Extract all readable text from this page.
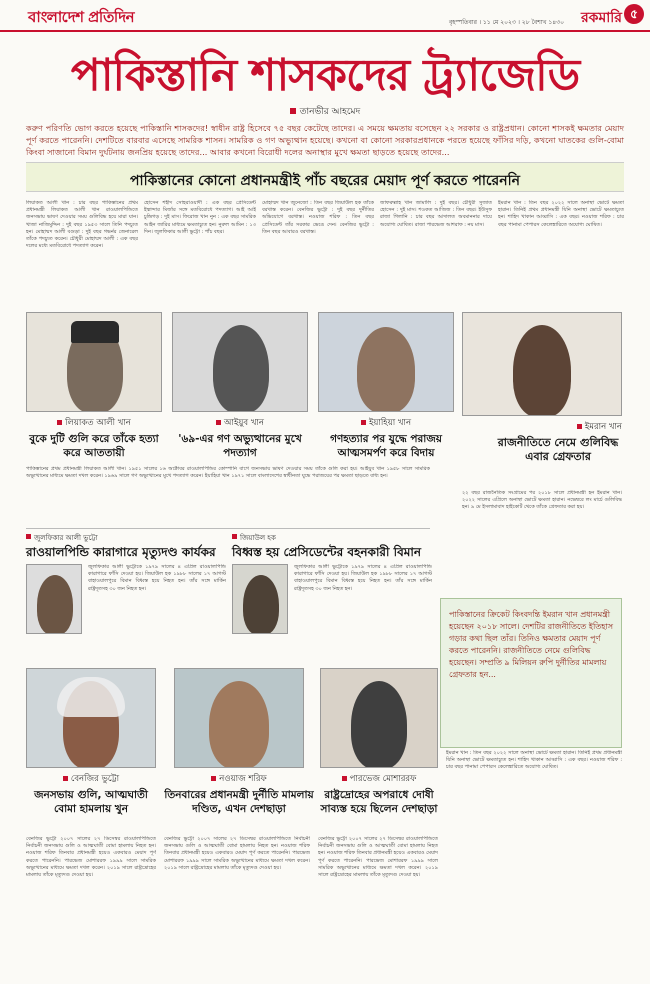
বাংলাদেশ প্রতিদিন	বৃহস্পতিবার । ১১ মে ২০২৩ । ২৮ বৈশাখ ১৪৩০ রকমারি ৫
পাকিস্তানি শাসকদের ট্র্যাজেডি
তানভীর আহমেদ
করুণ পরিণতি ভোগ করতে হয়েছে পাকিস্তানি শাসকদের! স্বাধীন রাষ্ট্র হিসেবে ৭৫ বছর কেটেছে তাদের। এ সময়ে ক্ষমতায় বসেছেন ২২ সরকার ও রাষ্ট্রপ্রধান। কোনো শাসকই ক্ষমতার মেয়াদ পূর্ণ করতে পারেননি। দেশটিতে বারবার এসেছে সামরিক শাসন। সামরিক ও গণ অভ্যুত্থান হয়েছে। কখনো বা কোনো সরকারপ্রধানকে পরতে হয়েছে ফাঁসির দড়ি, কখনো ঘাতকের গুলি-বোমা কিংবা সাজানো বিমান দুর্ঘটনায় জনপ্রিয় হয়েছে তাদের... আবার কখনো বিরোধী দলের অনাস্থার মুখে ক্ষমতা ছাড়তে হয়েছে তাদের...
পাকিস্তানের কোনো প্রধানমন্ত্রীই পাঁচ বছরের মেয়াদ পূর্ণ করতে পারেননি
লিয়াকত আলী খান : চার বছর পাকিস্তানের প্রথম প্রধানমন্ত্রী লিয়াকত আলী খান রাওয়ালপিন্ডিতে জনসভায় ভাষণ দেওয়ার সময় গুলিবিদ্ধ হয়ে মারা যান। খাজা নাজিমুদ্দিন : দুই বছর ১৯৫৩ সালে তিনি পদচ্যুত হন। মোহাম্মদ আলী বগুড়া : দুই বছর গভর্নর জেনারেল তাঁকে পদচ্যুত করেন। চৌধুরী মোহাম্মদ আলী : এক বছর দলের মধ্যে মতবিরোধে পদত্যাগ করেন।
হোসেন শহীদ সোহরাওয়ার্দী : এক বছর প্রেসিডেন্ট ইস্কান্দার মির্জার সঙ্গে মতবিরোধে পদত্যাগ। আই আই চুন্দ্রিগড় : দুই মাস। ফিরোজ খান নুন : এক বছর সামরিক আইন জারির মাধ্যমে ক্ষমতাচ্যুত হন। নুরুল আমিন : ১৩ দিন। জুলফিকার আলী ভুট্টো : পাঁচ বছর।
মোহাম্মদ খান জুনেজো : তিন বছর জিয়াউল হক তাঁকে বরখাস্ত করেন। বেনজির ভুট্টো : দুই বছর দুর্নীতির অভিযোগে বরখাস্ত। নওয়াজ শরিফ : তিন বছর প্রেসিডেন্ট তাঁর সরকার ভেঙে দেন। বেনজির ভুট্টো : তিন বছর আবারও বরখাস্ত।
জাফরুল্লাহ খান জামালি : দুই বছর। চৌধুরী সুজাত হোসেন : দুই মাস। শওকত আজিজ : তিন বছর। ইউসুফ রাজা গিলানি : চার বছর আদালত অবমাননার দায়ে অযোগ্য ঘোষিত। রাজা পারভেজ আশরাফ : নয় মাস।
ইমরান খান : তিন বছর ২০২২ সালে অনাস্থা ভোটে ক্ষমতা হারান। তিনিই প্রথম প্রধানমন্ত্রী যিনি অনাস্থা ভোটে ক্ষমতাচ্যুত হন। শাহিদ খাকান আব্বাসি : এক বছর। নওয়াজ শরিফ : চার বছর পানামা পেপারস কেলেঙ্কারিতে অযোগ্য ঘোষিত।
লিয়াকত আলী খান	আইয়ুব খান	ইয়াহিয়া খান	ইমরান খান
বুকে দুটি গুলি করে তাঁকে হত্যা করে আততায়ী
'৬৯-এর গণ অভ্যুত্থানের মুখে পদত্যাগ
গণহত্যার পর যুদ্ধে পরাজয় আত্মসমর্পণ করে বিদায়
রাজনীতিতে নেমে গুলিবিদ্ধ এবার গ্রেফতার
পাকিস্তানের প্রথম প্রধানমন্ত্রী লিয়াকত আলী খান। ১৯৫১ সালের ১৬ অক্টোবর রাওয়ালপিন্ডির কোম্পানি বাগে জনসভায় ভাষণ দেওয়ার সময় তাঁকে গুলি করা হয়। আইয়ুব খান ১৯৫৮ সালে সামরিক অভ্যুত্থানের মাধ্যমে ক্ষমতা দখল করেন। ১৯৬৯ সালে গণ অভ্যুত্থানের মুখে পদত্যাগ করেন। ইয়াহিয়া খান ১৯৭১ সালে বাংলাদেশের স্বাধীনতা যুদ্ধে পরাজয়ের পর ক্ষমতা ছাড়তে বাধ্য হন।
২২ বছর রাজনৈতিক সংগ্রামের পর ২০১৮ সালে প্রধানমন্ত্রী হন ইমরান খান। ২০২২ সালের এপ্রিলে অনাস্থা ভোটে ক্ষমতা হারান। নভেম্বরে লং মার্চে গুলিবিদ্ধ হন। ৯ মে ইসলামাবাদ হাইকোর্ট থেকে তাঁকে গ্রেফতার করা হয়।
জুলফিকার আলী ভুট্টো
রাওয়ালপিন্ডি কারাগারে মৃত্যুদণ্ড কার্যকর
জিয়াউল হক
বিধ্বস্ত হয় প্রেসিডেন্টের বহনকারী বিমান
জুলফিকার আলী ভুট্টোকে ১৯৭৯ সালের ৪ এপ্রিল রাওয়ালপিন্ডি কারাগারে ফাঁসি দেওয়া হয়। জিয়াউল হক ১৯৮৮ সালের ১৭ আগস্ট বাহাওয়ালপুরে বিমান বিধ্বস্ত হয়ে নিহত হন। তাঁর সঙ্গে মার্কিন রাষ্ট্রদূতসহ ৩০ জন নিহত হন।
জুলফিকার আলী ভুট্টোকে ১৯৭৯ সালের ৪ এপ্রিল রাওয়ালপিন্ডি কারাগারে ফাঁসি দেওয়া হয়। জিয়াউল হক ১৯৮৮ সালের ১৭ আগস্ট বাহাওয়ালপুরে বিমান বিধ্বস্ত হয়ে নিহত হন। তাঁর সঙ্গে মার্কিন রাষ্ট্রদূতসহ ৩০ জন নিহত হন।
পাকিস্তানের ক্রিকেট কিংবদন্তি ইমরান খান প্রধানমন্ত্রী হয়েছেন ২০১৮ সালে। দেশটির রাজনীতিতে ইতিহাস গড়ার কথা ছিল তাঁর। তিনিও ক্ষমতার মেয়াদ পূর্ণ করতে পারেননি। রাজনীতিতে নেমে গুলিবিদ্ধ হয়েছেন। সম্প্রতি ৯ মিলিয়ন রুপি দুর্নীতির মামলায় গ্রেফতার হন...
বেনজির ভুট্টো	নওয়াজ শরিফ	পারভেজ মোশাররফ
জনসভায় গুলি, আত্মঘাতী বোমা হামলায় খুন
তিনবারের প্রধানমন্ত্রী দুর্নীতি মামলায় দণ্ডিত, এখন দেশছাড়া
রাষ্ট্রদ্রোহের অপরাধে দোষী সাব্যস্ত হয়ে ছিলেন দেশছাড়া
বেনজির ভুট্টো ২০০৭ সালের ২৭ ডিসেম্বর রাওয়ালপিন্ডিতে নির্বাচনী জনসভায় গুলি ও আত্মঘাতী বোমা হামলায় নিহত হন। নওয়াজ শরিফ তিনবার প্রধানমন্ত্রী হয়েও একবারও মেয়াদ পূর্ণ করতে পারেননি। পারভেজ মোশাররফ ১৯৯৯ সালে সামরিক অভ্যুত্থানের মাধ্যমে ক্ষমতা দখল করেন। ২০১৯ সালে রাষ্ট্রদ্রোহের মামলায় তাঁকে মৃত্যুদণ্ড দেওয়া হয়।
বেনজির ভুট্টো ২০০৭ সালের ২৭ ডিসেম্বর রাওয়ালপিন্ডিতে নির্বাচনী জনসভায় গুলি ও আত্মঘাতী বোমা হামলায় নিহত হন। নওয়াজ শরিফ তিনবার প্রধানমন্ত্রী হয়েও একবারও মেয়াদ পূর্ণ করতে পারেননি। পারভেজ মোশাররফ ১৯৯৯ সালে সামরিক অভ্যুত্থানের মাধ্যমে ক্ষমতা দখল করেন। ২০১৯ সালে রাষ্ট্রদ্রোহের মামলায় তাঁকে মৃত্যুদণ্ড দেওয়া হয়।
বেনজির ভুট্টো ২০০৭ সালের ২৭ ডিসেম্বর রাওয়ালপিন্ডিতে নির্বাচনী জনসভায় গুলি ও আত্মঘাতী বোমা হামলায় নিহত হন। নওয়াজ শরিফ তিনবার প্রধানমন্ত্রী হয়েও একবারও মেয়াদ পূর্ণ করতে পারেননি। পারভেজ মোশাররফ ১৯৯৯ সালে সামরিক অভ্যুত্থানের মাধ্যমে ক্ষমতা দখল করেন। ২০১৯ সালে রাষ্ট্রদ্রোহের মামলায় তাঁকে মৃত্যুদণ্ড দেওয়া হয়।
ইমরান খান : তিন বছর ২০২২ সালে অনাস্থা ভোটে ক্ষমতা হারান। তিনিই প্রথম প্রধানমন্ত্রী যিনি অনাস্থা ভোটে ক্ষমতাচ্যুত হন। শাহিদ খাকান আব্বাসি : এক বছর। নওয়াজ শরিফ : চার বছর পানামা পেপারস কেলেঙ্কারিতে অযোগ্য ঘোষিত।
